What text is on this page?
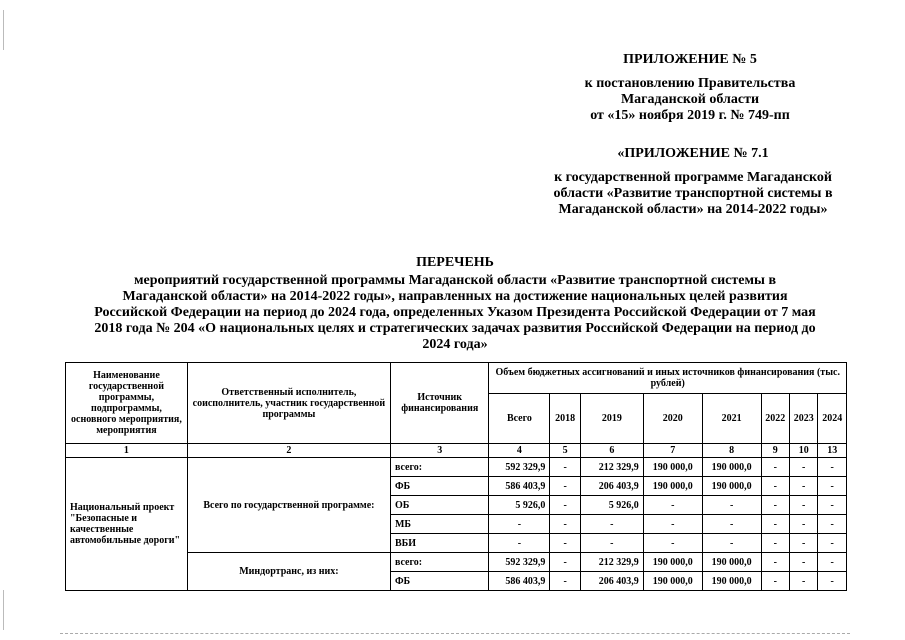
ПРИЛОЖЕНИЕ № 5
к постановлению Правительства
Магаданской области
от «15» ноября 2019 г. № 749-пп
«ПРИЛОЖЕНИЕ № 7.1
к государственной программе Магаданской
области «Развитие транспортной системы в
Магаданской области» на 2014-2022 годы»
ПЕРЕЧЕНЬ
мероприятий государственной программы Магаданской области «Развитие транспортной системы в
Магаданской области» на 2014-2022 годы», направленных на достижение национальных целей развития
Российской Федерации на период до 2024 года, определенных Указом Президента Российской Федерации от 7 мая
2018 года № 204 «О национальных целях и стратегических задачах развития Российской Федерации на период до
2024 года»
Наименование государственной программы, подпрограммы, основного мероприятия, мероприятия	Ответственный исполнитель, соисполнитель, участник государственной программы	Источник финансирования	Объем бюджетных ассигнований и иных источников финансирования (тыс. рублей)							
			Всего	2018	2019	2020	2021	2022	2023	2024
1	2	3	4	5	6	7	8	9	10	13
Национальный проект "Безопасные и качественные автомобильные дороги"	Всего по государственной программе:	всего:	592 329,9	-	212 329,9	190 000,0	190 000,0	-	-	-
		ФБ	586 403,9	-	206 403,9	190 000,0	190 000,0	-	-	-
		ОБ	5 926,0	-	5 926,0	-	-	-	-	-
		МБ	-	-	-	-	-	-	-	-
		ВБИ	-	-	-	-	-	-	-	-
	Миндортранс, из них:	всего:	592 329,9	-	212 329,9	190 000,0	190 000,0	-	-	-
		ФБ	586 403,9	-	206 403,9	190 000,0	190 000,0	-	-	-
